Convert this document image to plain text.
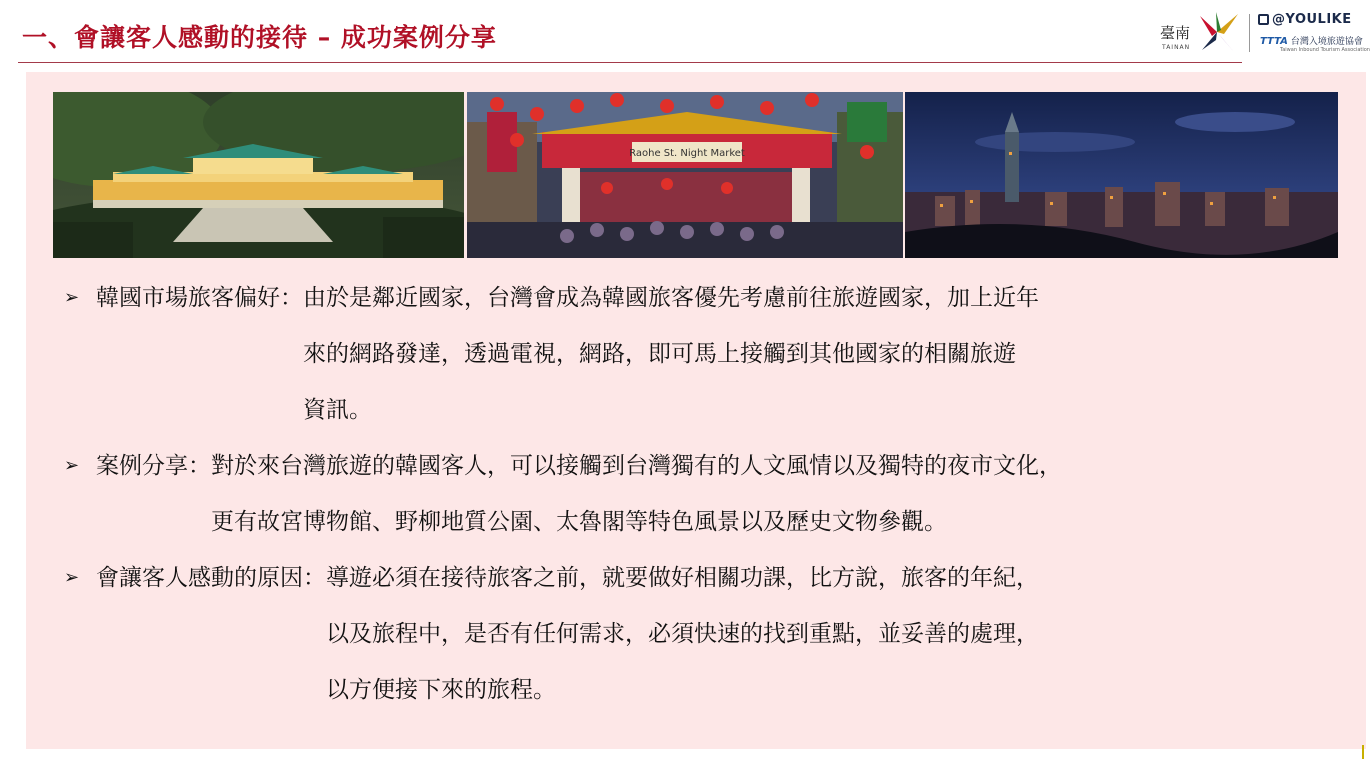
一、會讓客人感動的接待 – 成功案例分享	臺南
TAINAN
@YOULIKE
TTTA 台灣入境旅遊協會
Taiwan Inbound Tourism Association
Raohe St. Night Market
➢ 韓國市場旅客偏好： 由於是鄰近國家，台灣會成為韓國旅客優先考慮前往旅遊國家，加上近年
來的網路發達，透過電視，網路，即可馬上接觸到其他國家的相關旅遊
資訊。
➢ 案例分享： 對於來台灣旅遊的韓國客人，可以接觸到台灣獨有的人文風情以及獨特的夜市文化，
更有故宮博物館、野柳地質公園、太魯閣等特色風景以及歷史文物參觀。
➢ 會讓客人感動的原因： 導遊必須在接待旅客之前，就要做好相關功課，比方說，旅客的年紀，
以及旅程中，是否有任何需求，必須快速的找到重點，並妥善的處理，
以方便接下來的旅程。
